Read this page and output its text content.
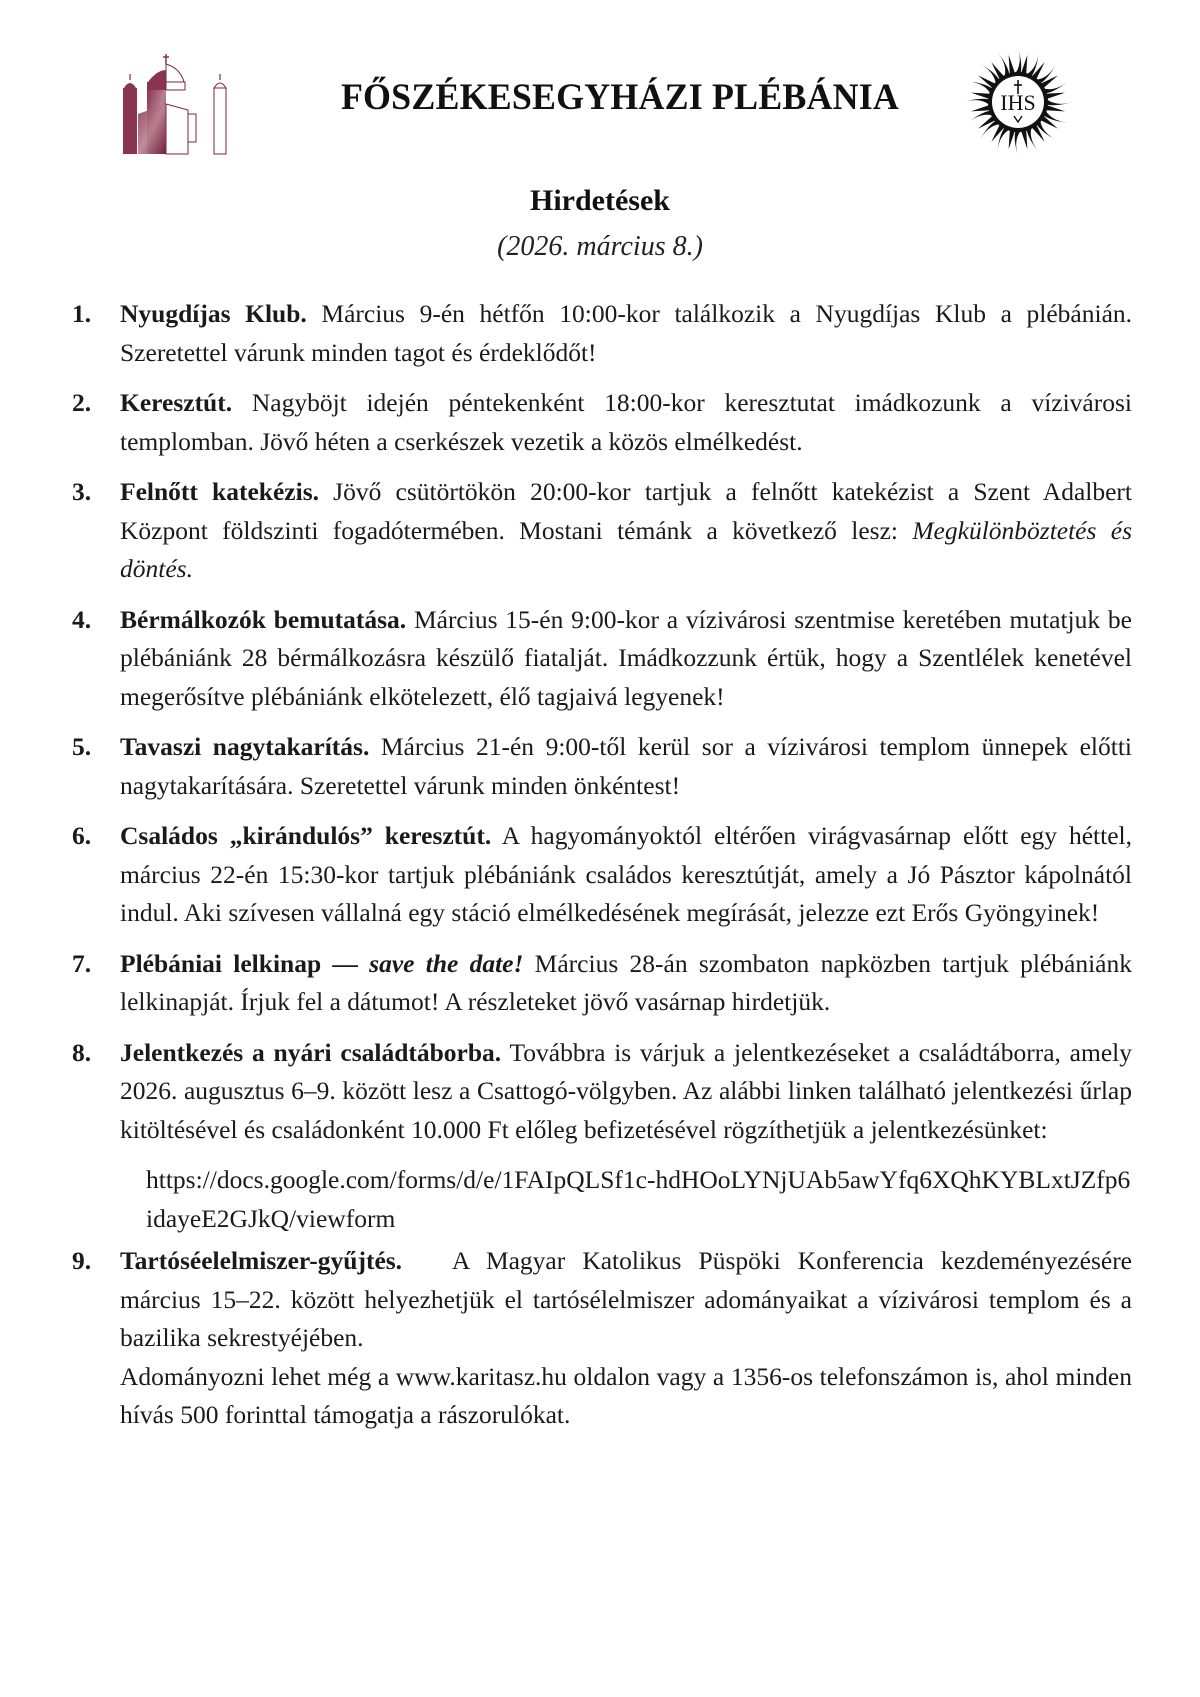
FŐSZÉKESEGYHÁZI PLÉBÁNIA	IHS
Hirdetések
(2026. március 8.)
1. Nyugdíjas Klub. Március 9-én hétfőn 10:00-kor találkozik a Nyugdíjas Klub a plébánián. Szeretettel várunk minden tagot és érdeklődőt!
2. Keresztút. Nagyböjt idején péntekenként 18:00-kor keresztutat imádkozunk a vízivárosi templomban. Jövő héten a cserkészek vezetik a közös elmélkedést.
3. Felnőtt katekézis. Jövő csütörtökön 20:00-kor tartjuk a felnőtt katekézist a Szent Adalbert Központ földszinti fogadótermében. Mostani témánk a következő lesz: Megkülönböztetés és döntés.
4. Bérmálkozók bemutatása. Március 15-én 9:00-kor a vízivárosi szentmise keretében mutatjuk be plébániánk 28 bérmálkozásra készülő fiatalját. Imádkozzunk értük, hogy a Szentlélek kenetével megerősítve plébániánk elkötelezett, élő tagjaivá legyenek!
5. Tavaszi nagytakarítás. Március 21-én 9:00-től kerül sor a vízivárosi templom ünnepek előtti nagytakarítására. Szeretettel várunk minden önkéntest!
6. Családos „kirándulós” keresztút. A hagyományoktól eltérően virágvasárnap előtt egy héttel, március 22-én 15:30-kor tartjuk plébániánk családos keresztútját, amely a Jó Pásztor kápolnától indul. Aki szívesen vállalná egy stáció elmélkedésének megírását, jelezze ezt Erős Gyöngyinek!
7. Plébániai lelkinap — save the date! Március 28-án szombaton napközben tartjuk plébániánk lelkinapját. Írjuk fel a dátumot! A részleteket jövő vasárnap hirdetjük.
8. Jelentkezés a nyári családtáborba. Továbbra is várjuk a jelentkezéseket a családtáborra, amely 2026. augusztus 6–9. között lesz a Csattogó-völgyben. Az alábbi linken található jelentkezési űrlap kitöltésével és családonként 10.000 Ft előleg befizetésével rögzíthetjük a jelentkezésünket:
https://docs.google.com/forms/d/e/1FAIpQLSf1c-hdHOoLYNjUAb5awYfq6XQhKYBLxtJZfp6idayeE2GJkQ/viewform
9. Tartóséelelmiszer-gyűjtés.   A Magyar Katolikus Püspöki Konferencia kezdeményezésére március 15–22. között helyezhetjük el tartósélelmiszer adományaikat a vízivárosi templom és a bazilika sekrestyéjében.
Adományozni lehet még a www.karitasz.hu oldalon vagy a 1356-os telefonszámon is, ahol minden hívás 500 forinttal támogatja a rászorulókat.
